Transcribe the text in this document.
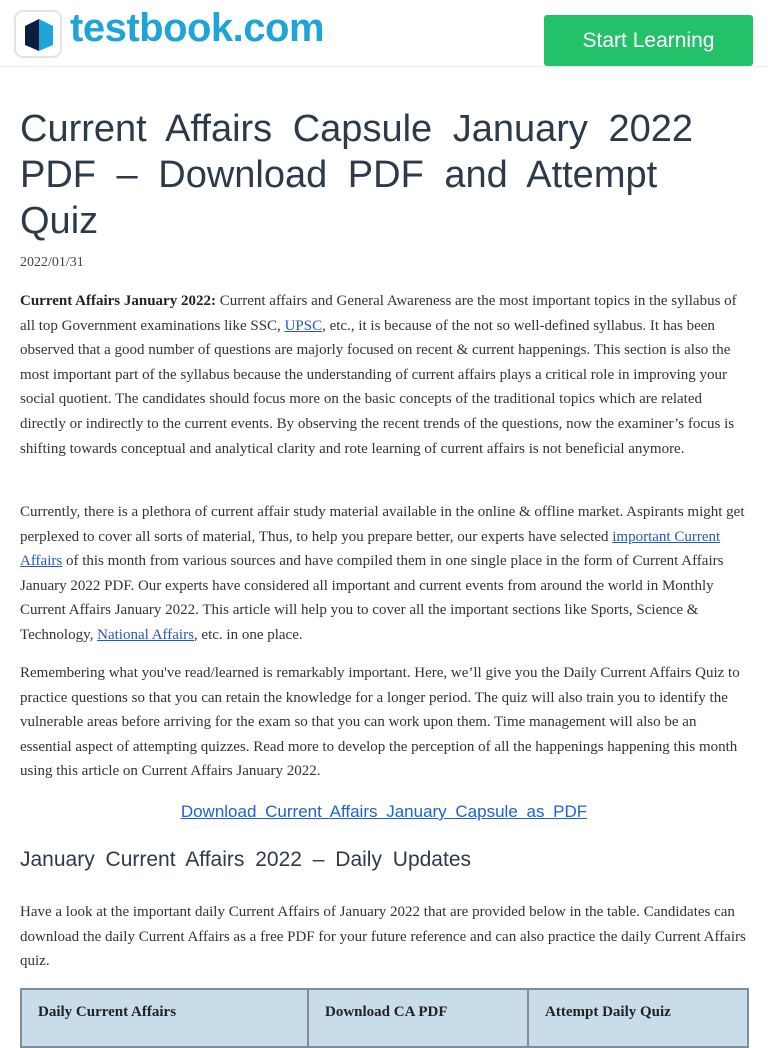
testbook.com	Start Learning
Current Affairs Capsule January 2022 PDF – Download PDF and Attempt Quiz
2022/01/31

Current Affairs January 2022: Current affairs and General Awareness are the most important topics in the syllabus of all top Government examinations like SSC, UPSC, etc., it is because of the not so well-defined syllabus. It has been observed that a good number of questions are majorly focused on recent & current happenings. This section is also the most important part of the syllabus because the understanding of current affairs plays a critical role in improving your social quotient. The candidates should focus more on the basic concepts of the traditional topics which are related directly or indirectly to the current events. By observing the recent trends of the questions, now the examiner’s focus is shifting towards conceptual and analytical clarity and rote learning of current affairs is not beneficial anymore.

Currently, there is a plethora of current affair study material available in the online & offline market. Aspirants might get perplexed to cover all sorts of material, Thus, to help you prepare better, our experts have selected important Current Affairs of this month from various sources and have compiled them in one single place in the form of Current Affairs January 2022 PDF. Our experts have considered all important and current events from around the world in Monthly Current Affairs January 2022. This article will help you to cover all the important sections like Sports, Science & Technology, National Affairs, etc. in one place.

Remembering what you've read/learned is remarkably important. Here, we’ll give you the Daily Current Affairs Quiz to practice questions so that you can retain the knowledge for a longer period. The quiz will also train you to identify the vulnerable areas before arriving for the exam so that you can work upon them. Time management will also be an essential aspect of attempting quizzes. Read more to develop the perception of all the happenings happening this month using this article on Current Affairs January 2022.

Download Current Affairs January Capsule as PDF
January Current Affairs 2022 – Daily Updates

Have a look at the important daily Current Affairs of January 2022 that are provided below in the table. Candidates can download the daily Current Affairs as a free PDF for your future reference and can also practice the daily Current Affairs quiz.

Daily Current Affairs	Download CA PDF	Attempt Daily Quiz
